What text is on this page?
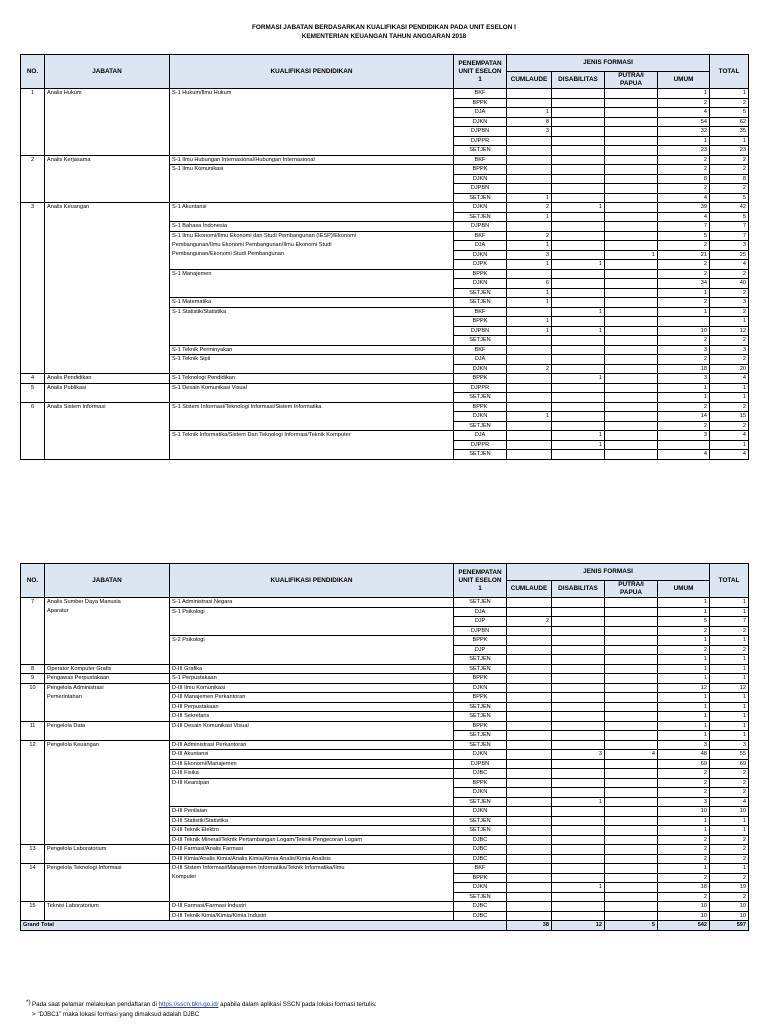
FORMASI JABATAN BERDASARKAN KUALIFIKASI PENDIDIKAN PADA UNIT ESELON I
KEMENTERIAN KEUANGAN TAHUN ANGGARAN 2018
NO.	JABATAN	KUALIFIKASI PENDIDIKAN	PENEMPATAN UNIT ESELON 1	JENIS FORMASI				TOTAL
				CUMLAUDE	DISABILITAS	PUTRA/I PAPUA	UMUM	
1	Analis Hukum	S-1 Hukum/Ilmu Hukum	BKF				1	1
			BPPK				2	2
			DJA	1			4	5
			DJKN	8			54	62
			DJPBN	3			32	35
			DJPPR				1	1
			SETJEN				23	23
2	Analis Kerjasama	S-1 Ilmu Hubungan Internasional/Hubungan Internasional	BKF				2	2
		S-1 Ilmu Komunikasi	BPPK				2	2
			DJKN				8	8
			DJPBN				2	2
			SETJEN	1			4	5
3	Analis Keuangan	S-1 Akuntansi	DJKN	2	1		39	42
			SETJEN	1			4	5
		S-1 Bahasa Indonesia	DJPBN				7	7
		S-1 Ilmu Ekonomi/Ilmu Ekonomi dan Studi Pembangunan (IESP)/Ekonomi	BKF	2			5	7
		Pembangunan/Ilmu Ekonomi Pembangunan/Ilmu Ekonomi Studi	DJA	1			2	3
		Pembangunan/Ekonomi Studi Pembangunan	DJKN	3		1	21	25
			DJPK	1	1		2	4
		S-1 Manajemen	BPPK				2	2
			DJKN	6			34	40
			SETJEN	1			1	2
		S-1 Matematika	SETJEN	1			2	3
		S-1 Statistik/Statistika	BKF		1		1	2
			BPPK	1				1
			DJPBN	1	1		10	12
			SETJEN				2	2
		S-1 Teknik Perminyakan	BKF				3	3
		S-1 Teknik Sipil	DJA				2	2
			DJKN	2			18	20
4	Analis Pendidikan	S-1 Teknologi Pendidikan	BPPK		1		3	4
5	Analis Publikasi	S-1 Desain Komunikasi Visual	DJPPR				1	1
			SETJEN				1	1
6	Analis Sistem Informasi	S-1 Sistem Informasi/Teknologi Informasi/Sistem Informatika	BPPK				2	2
			DJKN	1			14	15
			SETJEN				2	2
		S-1 Teknik Informatika/Sistem Dan Teknologi Informasi/Teknik Komputer	DJA		1		3	4
			DJPPR		1			1
			SETJEN				4	4
NO.	JABATAN	KUALIFIKASI PENDIDIKAN	PENEMPATAN UNIT ESELON 1	JENIS FORMASI				TOTAL
				CUMLAUDE	DISABILITAS	PUTRA/I PAPUA	UMUM	
7	Analis Sumber Daya Manusia	S-1 Administrasi Negara	SETJEN				1	1
	Aparatur	S-1 Psikologi	DJA				1	1
			DJP	2			5	7
			DJPBN				2	2
		S-2 Psikologi	BPPK				1	1
			DJP				2	2
			SETJEN				1	1
8	Operator Komputer Grafis	D-III Grafika	SETJEN				1	1
9	Pengawas Perpustakaan	S-1 Perpustakaan	BPPK				1	1
10	Pengelola Administrasi	D-III Ilmu Komunikasi	DJKN				12	12
	Pemerintahan	D-III Manajemen Perkantoran	BPPK				1	1
		D-III Perpustakaan	SETJEN				1	1
		D-III Sekretaris	SETJEN				1	1
11	Pengelola Data	D-III Desain Komunikasi Visual	BPPK				1	1
			SETJEN				1	1
12	Pengelola Keuangan	D-III Administrasi Perkantoran	SETJEN				3	3
		D-III Akuntansi	DJKN		3	4	48	55
		D-III Ekonomi/Manajemen	DJPBN				69	69
		D-III Fisika	DJBC				2	2
		D-III Kearsipan	BPPK				2	2
			DJKN				2	2
			SETJEN		1		3	4
		D-III Penilaian	DJKN				10	10
		D-III Statistik/Statistika	SETJEN				1	1
		D-III Teknik Elektro	SETJEN				1	1
		D-III Teknik Mineral/Teknik Pertambangan Logam/Teknik Pengecoran Logam	DJBC				2	2
13	Pengelola Laboratorium	D-III Farmasi/Analis Farmasi	DJBC				2	2
		D-III Kimia/Analis Kimia/Analis Kimia/Kimia Analis/Kimia Analisis	DJBC				2	2
14	Pengelola Teknologi Informasi	D-III Sistem Informasi/Manajemen Informatika/Teknik Informatika/Ilmu	BKF				1	1
		Komputer	BPPK				2	2
			DJKN		1		18	19
			SETJEN				2	2
15	Teknisi Laboratorium	D-III Farmasi/Farmasi Industri	DJBC				10	10
		D-III Teknik Kimia/Kimia/Kimia Industri	DJBC				10	10
Grand Total				38	12	5	542	597
*) Pada saat pelamar melakukan pendaftaran di https://sscn.bkn.go.id/ apabila dalam aplikasi SSCN pada lokasi formasi tertulis:
> "DJBC1" maka lokasi formasi yang dimaksud adalah DJBC
